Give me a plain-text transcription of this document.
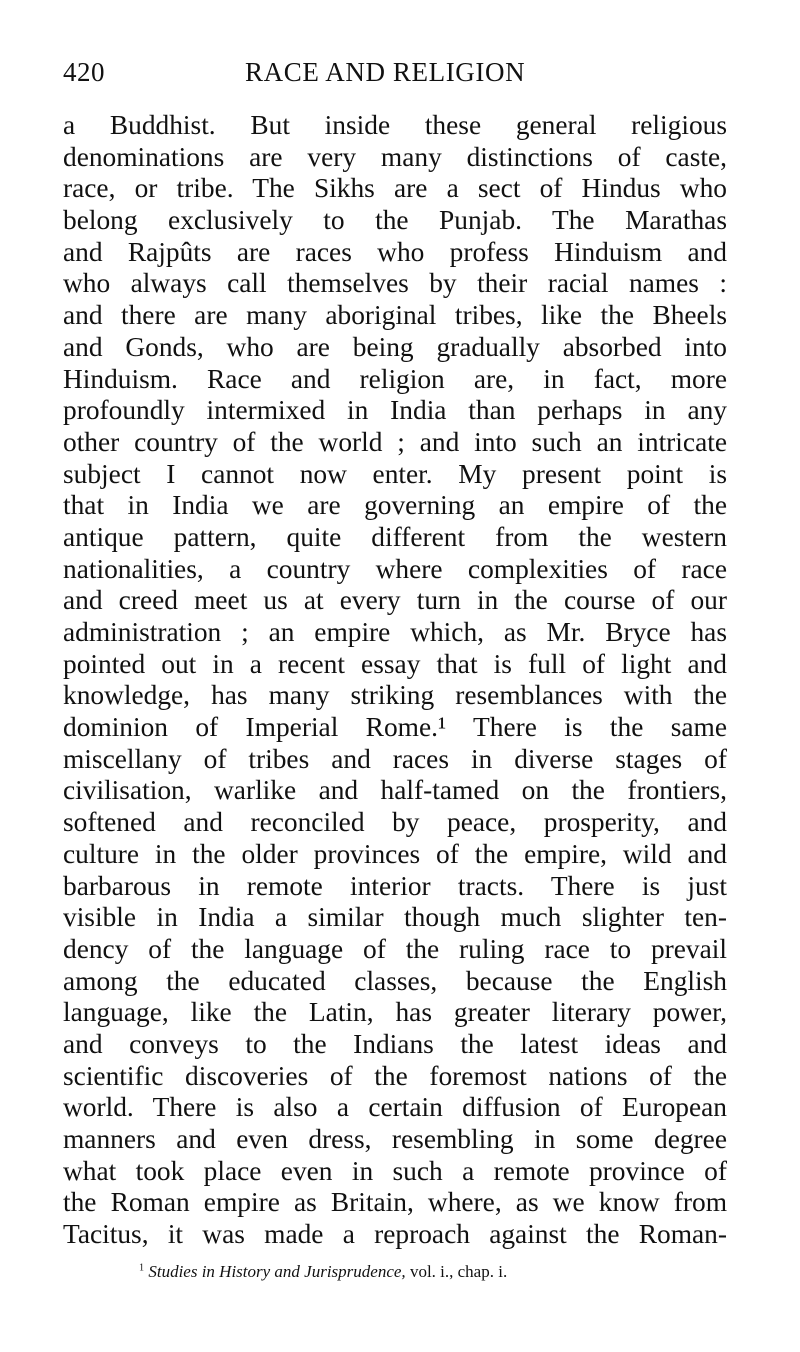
420	RACE AND RELIGION
a Buddhist. But inside these general religious
denominations are very many distinctions of caste,
race, or tribe. The Sikhs are a sect of Hindus who
belong exclusively to the Punjab. The Marathas
and Rajpûts are races who profess Hinduism and
who always call themselves by their racial names :
and there are many aboriginal tribes, like the Bheels
and Gonds, who are being gradually absorbed into
Hinduism. Race and religion are, in fact, more
profoundly intermixed in India than perhaps in any
other country of the world ; and into such an intricate
subject I cannot now enter. My present point is
that in India we are governing an empire of the
antique pattern, quite different from the western
nationalities, a country where complexities of race
and creed meet us at every turn in the course of our
administration ; an empire which, as Mr. Bryce has
pointed out in a recent essay that is full of light and
knowledge, has many striking resemblances with the
dominion of Imperial Rome.¹ There is the same
miscellany of tribes and races in diverse stages of
civilisation, warlike and half-tamed on the frontiers,
softened and reconciled by peace, prosperity, and
culture in the older provinces of the empire, wild and
barbarous in remote interior tracts. There is just
visible in India a similar though much slighter ten-
dency of the language of the ruling race to prevail
among the educated classes, because the English
language, like the Latin, has greater literary power,
and conveys to the Indians the latest ideas and
scientific discoveries of the foremost nations of the
world. There is also a certain diffusion of European
manners and even dress, resembling in some degree
what took place even in such a remote province of
the Roman empire as Britain, where, as we know from
Tacitus, it was made a reproach against the Roman-
$^1$ Studies in History and Jurisprudence, vol. i., chap. i.
